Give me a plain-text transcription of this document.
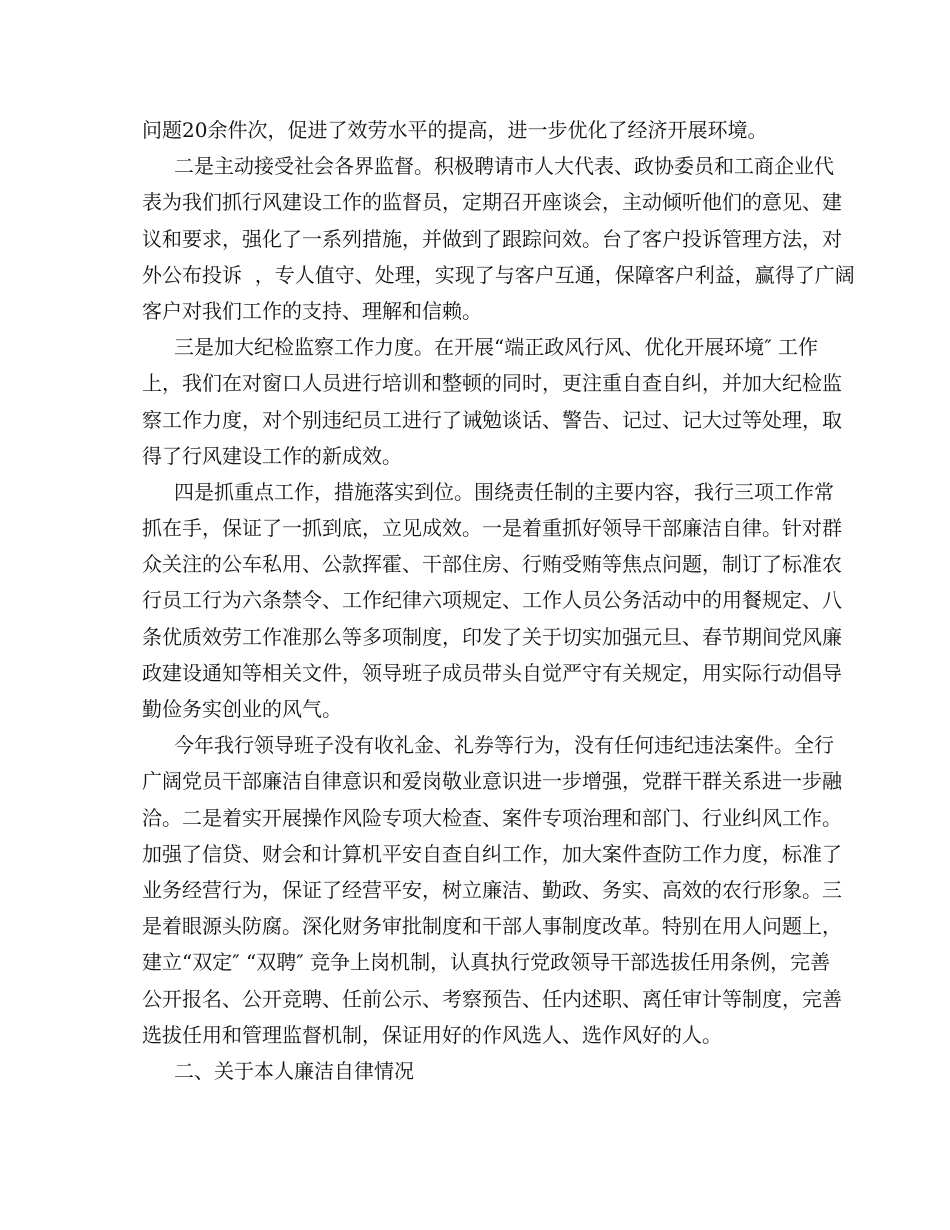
问题20余件次，促进了效劳水平的提高，进一步优化了经济开展环境。
二是主动接受社会各界监督。积极聘请市人大代表、政协委员和工商企业代
表为我们抓行风建设工作的监督员，定期召开座谈会，主动倾听他们的意见、建
议和要求，强化了一系列措施，并做到了跟踪问效。台了客户投诉管理方法，对
外公布投诉  ，专人值守、处理，实现了与客户互通，保障客户利益，赢得了广阔
客户对我们工作的支持、理解和信赖。
三是加大纪检监察工作力度。在开展“端正政风行风、优化开展环境″ 工作
上，我们在对窗口人员进行培训和整顿的同时，更注重自查自纠，并加大纪检监
察工作力度，对个别违纪员工进行了诫勉谈话、警告、记过、记大过等处理，取
得了行风建设工作的新成效。
四是抓重点工作，措施落实到位。围绕责任制的主要内容，我行三项工作常
抓在手，保证了一抓到底，立见成效。一是着重抓好领导干部廉洁自律。针对群
众关注的公车私用、公款挥霍、干部住房、行贿受贿等焦点问题，制订了标准农
行员工行为六条禁令、工作纪律六项规定、工作人员公务活动中的用餐规定、八
条优质效劳工作准那么等多项制度，印发了关于切实加强元旦、春节期间党风廉
政建设通知等相关文件，领导班子成员带头自觉严守有关规定，用实际行动倡导
勤俭务实创业的风气。
今年我行领导班子没有收礼金、礼券等行为，没有任何违纪违法案件。全行
广阔党员干部廉洁自律意识和爱岗敬业意识进一步增强，党群干群关系进一步融
洽。二是着实开展操作风险专项大检查、案件专项治理和部门、行业纠风工作。
加强了信贷、财会和计算机平安自查自纠工作，加大案件查防工作力度，标准了
业务经营行为，保证了经营平安，树立廉洁、勤政、务实、高效的农行形象。三
是着眼源头防腐。深化财务审批制度和干部人事制度改革。特别在用人问题上，
建立“双定″ “双聘″ 竞争上岗机制，认真执行党政领导干部选拔任用条例，完善
公开报名、公开竞聘、任前公示、考察预告、任内述职、离任审计等制度，完善
选拔任用和管理监督机制，保证用好的作风选人、选作风好的人。
二、关于本人廉洁自律情况
